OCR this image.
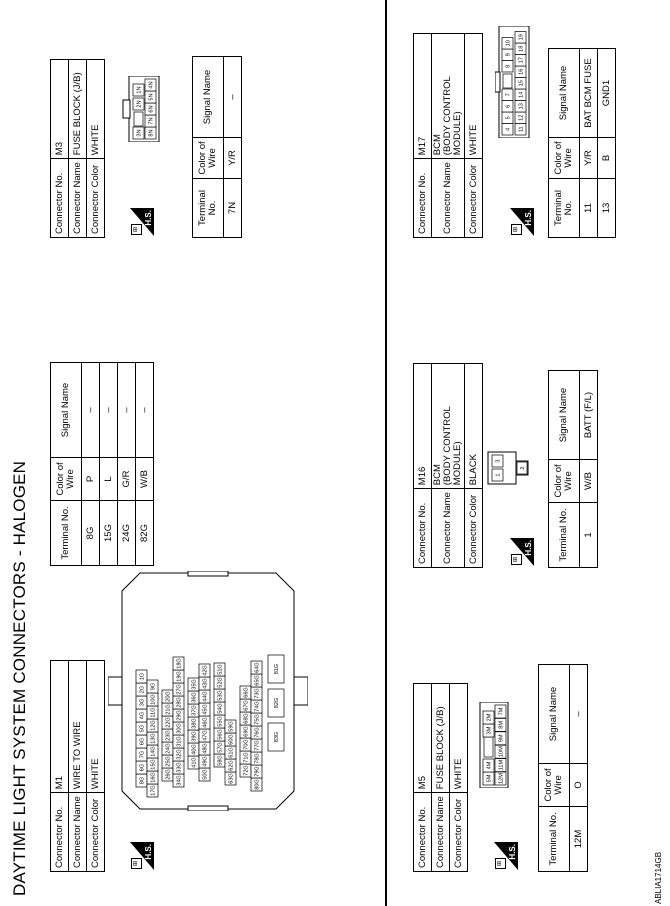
DAYTIME LIGHT SYSTEM CONNECTORS - HALOGEN	ABLIA1714GB
Connector No.	M1
Connector Name	WIRE TO WIRE
Connector Color	WHITE
⊞
H.S.
8G
6G
7G
6G
5G
4G
3G
2G
1G
17G
16G
15G
14G
13G
12G
11G
10G
9G
26G
25G
24G
23G
22G
21G
20G
34G
33G
32G
31G
30G
29G
28G
27G
19G
18G
41G
40G
39G
38G
37G
36G
35G
50G
49G
48G
47G
46G
45G
44G
43G
42G
58G
57G
56G
55G
54G
53G
52G
51G
63G
62G
61G
60G
59G
72G
71G
70G
69G
68G
67G
66G
80G
79G
78G
77G
76G
75G
74G
73G
65G
64G
83G
82G
81G
Terminal No.	Color of Wire	Signal Name
8G	P	–
15G	L	–
24G	G/R	–
82G	W/B	–
Connector No.	M3
Connector Name	FUSE BLOCK (J/B)
Connector Color	WHITE
⊞
H.S.
3N
2N
1N
8N
7N
6N
5N
4N
Terminal No.	Color of Wire	Signal Name
7N	Y/R	–
Connector No.	M5
Connector Name	FUSE BLOCK (J/B)
Connector Color	WHITE
⊞
H.S.
5M
4M
3M
2M
12M
11M
10M
9M
8M
7M
Terminal No.	Color of Wire	Signal Name
12M	O	–
Connector No.	M16
Connector Name	BCM (BODY CONTROL MODULE)

Connector Color	BLACK
⊞
H.S.
1
3
2
Terminal No.	Color of Wire	Signal Name
1	W/B	BATT (F/L)
Connector No.	M17
Connector Name	BCM (BODY CONTROL MODULE)

Connector Color	WHITE
⊞
H.S.
4
5
6
7
8
9
10
11
12
13
14
15
16
17
18
19
Terminal No.	Color of Wire	Signal Name
11	Y/R	BAT BCM FUSE
13	B	GND1
